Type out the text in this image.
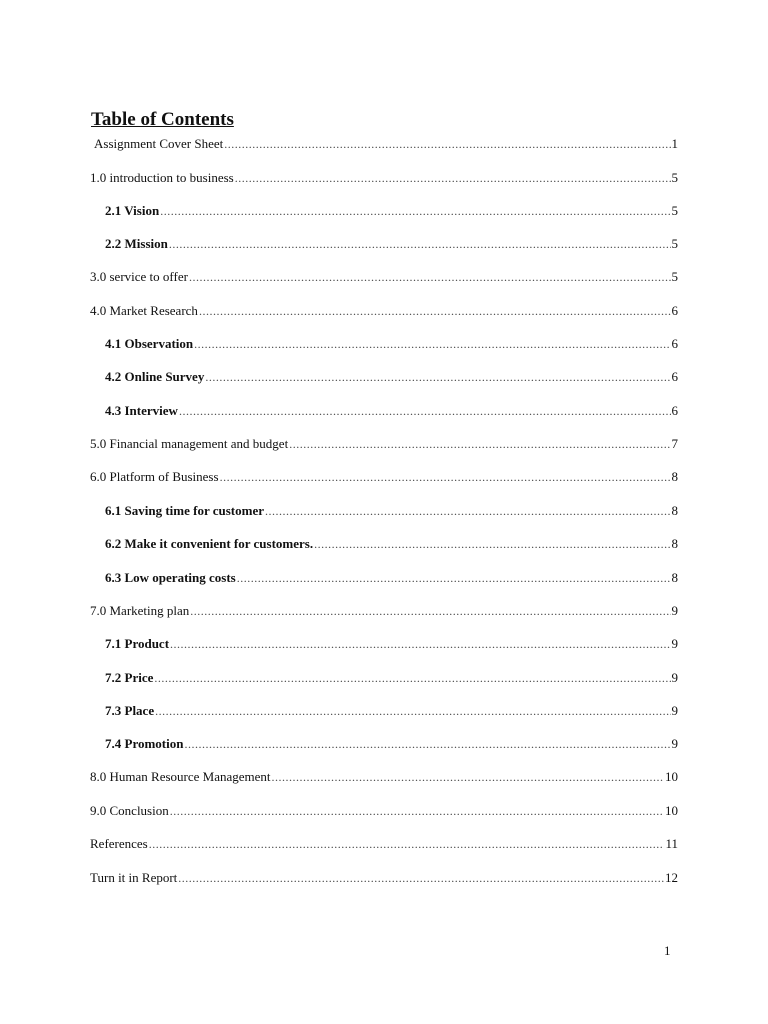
Table of Contents
Assignment Cover Sheet .....	1
1.0 introduction to business .....	5
2.1 Vision .....	5
2.2 Mission .....	5
3.0 service to offer .....	5
4.0 Market Research .....	6
4.1 Observation .....	6
4.2 Online Survey .....	6
4.3 Interview .....	6
5.0 Financial management and budget .....	7
6.0 Platform of Business .....	8
6.1 Saving time for customer .....	8
6.2 Make it convenient for customers. .....	8
6.3 Low operating costs .....	8
7.0 Marketing plan .....	9
7.1 Product .....	9
7.2 Price .....	9
7.3 Place .....	9
7.4 Promotion .....	9
8.0 Human Resource Management .....	10
9.0 Conclusion .....	10
References .....	11
Turn it in Report .....	12
1
